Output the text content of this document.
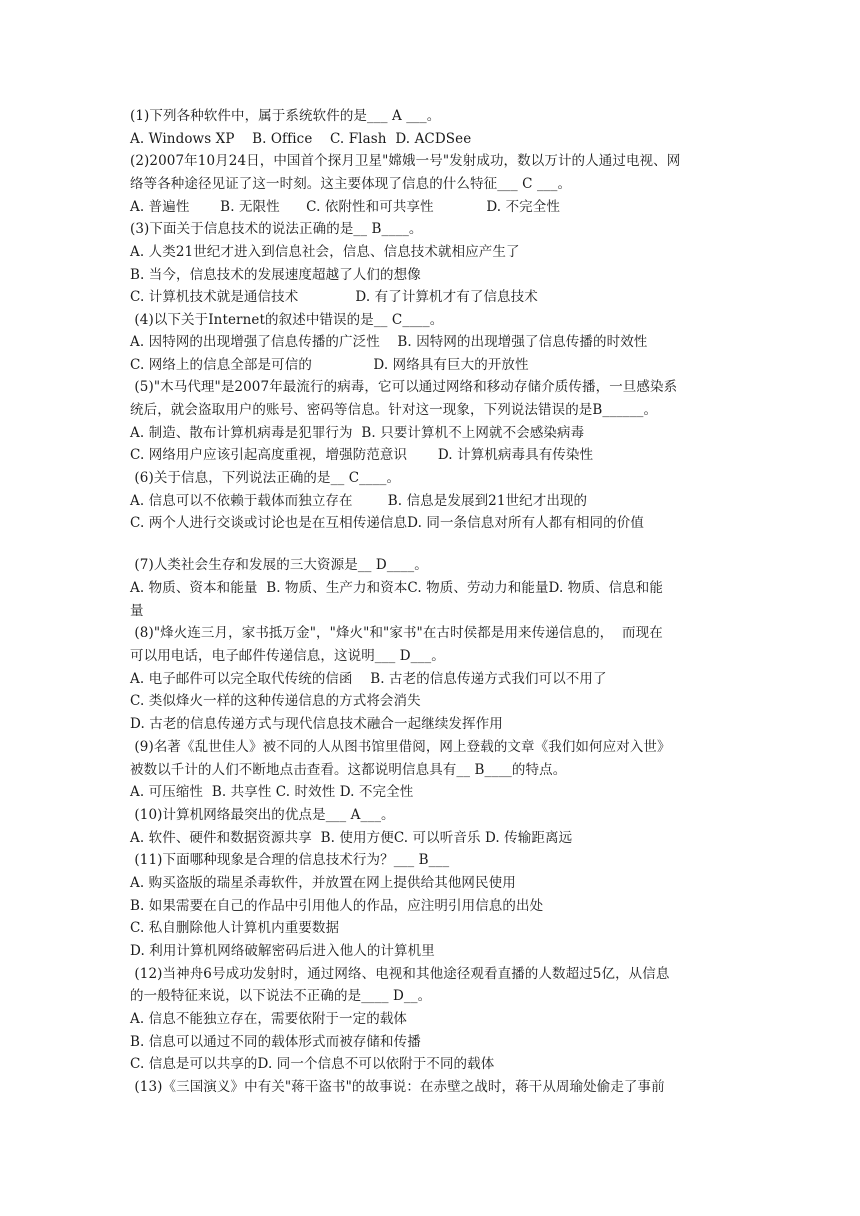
(1)下列各种软件中，属于系统软件的是___ A ___。
A. Windows XP    B. Office    C. Flash  D. ACDSee
(2)2007年10月24日，中国首个探月卫星"嫦娥一号"发射成功，数以万计的人通过电视、网
络等各种途径见证了这一时刻。这主要体现了信息的什么特征___ C ___。
A. 普遍性       B. 无限性      C. 依附性和可共享性            D. 不完全性
(3)下面关于信息技术的说法正确的是__ B____。
A. 人类21世纪才进入到信息社会，信息、信息技术就相应产生了
B. 当今，信息技术的发展速度超越了人们的想像
C. 计算机技术就是通信技术             D. 有了计算机才有了信息技术
(4)以下关于Internet的叙述中错误的是__ C____。
A. 因特网的出现增强了信息传播的广泛性    B. 因特网的出现增强了信息传播的时效性
C. 网络上的信息全部是可信的              D. 网络具有巨大的开放性
(5)"木马代理"是2007年最流行的病毒，它可以通过网络和移动存储介质传播，一旦感染系
统后，就会盗取用户的账号、密码等信息。针对这一现象，下列说法错误的是B______。
A. 制造、散布计算机病毒是犯罪行为  B. 只要计算机不上网就不会感染病毒
C. 网络用户应该引起高度重视，增强防范意识       D. 计算机病毒具有传染性
(6)关于信息，下列说法正确的是__ C____。
A. 信息可以不依赖于载体而独立存在        B. 信息是发展到21世纪才出现的
C. 两个人进行交谈或讨论也是在互相传递信息D. 同一条信息对所有人都有相同的价值
(7)人类社会生存和发展的三大资源是__ D____。
A. 物质、资本和能量  B. 物质、生产力和资本C. 物质、劳动力和能量D. 物质、信息和能
量
(8)"烽火连三月，家书抵万金"，"烽火"和"家书"在古时侯都是用来传递信息的，  而现在
可以用电话，电子邮件传递信息，这说明___ D___。
A. 电子邮件可以完全取代传统的信函    B. 古老的信息传递方式我们可以不用了
C. 类似烽火一样的这种传递信息的方式将会消失
D. 古老的信息传递方式与现代信息技术融合一起继续发挥作用
(9)名著《乱世佳人》被不同的人从图书馆里借阅，网上登载的文章《我们如何应对入世》
被数以千计的人们不断地点击查看。这都说明信息具有__ B____的特点。
A. 可压缩性  B. 共享性 C. 时效性 D. 不完全性
(10)计算机网络最突出的优点是___ A___。
A. 软件、硬件和数据资源共享  B. 使用方便C. 可以听音乐 D. 传输距离远
(11)下面哪种现象是合理的信息技术行为？___ B___
A. 购买盗版的瑞星杀毒软件，并放置在网上提供给其他网民使用
B. 如果需要在自己的作品中引用他人的作品，应注明引用信息的出处
C. 私自删除他人计算机内重要数据
D. 利用计算机网络破解密码后进入他人的计算机里
(12)当神舟6号成功发射时，通过网络、电视和其他途径观看直播的人数超过5亿，从信息
的一般特征来说，以下说法不正确的是____ D__。
A. 信息不能独立存在，需要依附于一定的载体
B. 信息可以通过不同的载体形式而被存储和传播
C. 信息是可以共享的D. 同一个信息不可以依附于不同的载体
(13)《三国演义》中有关"蒋干盗书"的故事说：在赤壁之战时，蒋干从周瑜处偷走了事前
